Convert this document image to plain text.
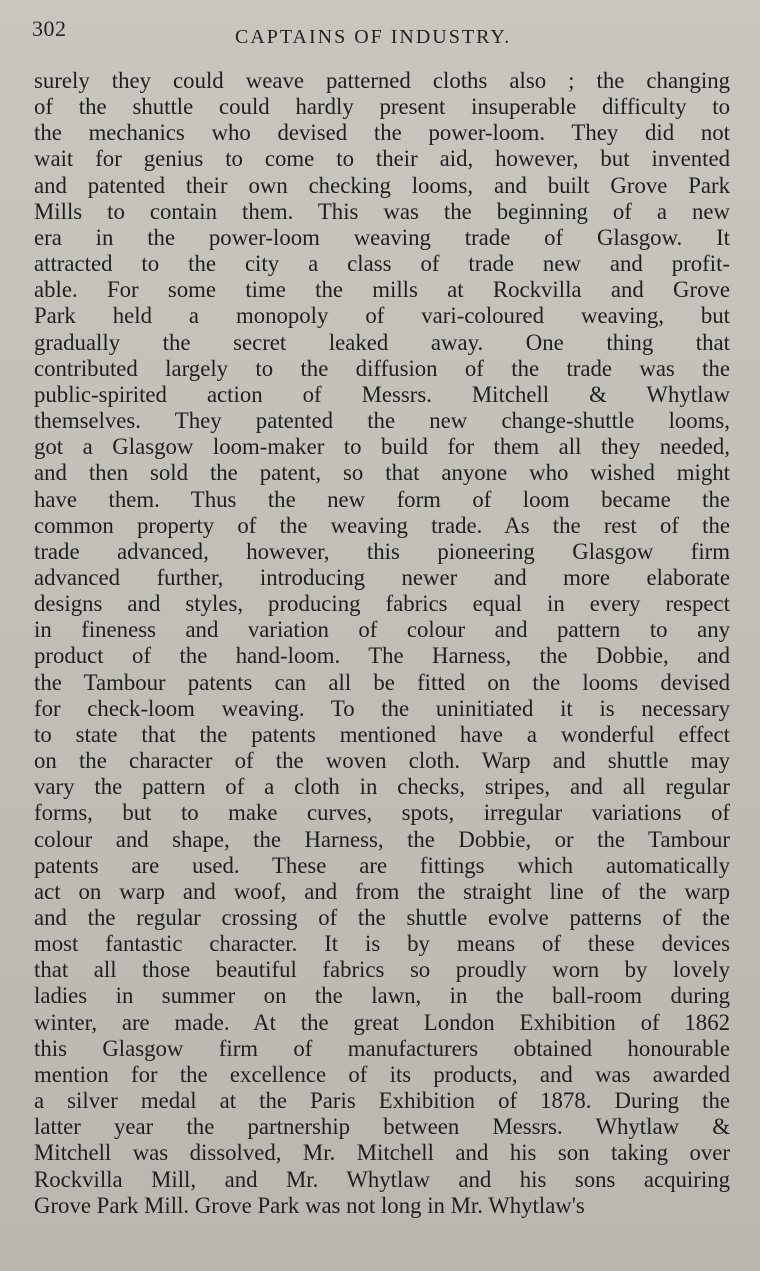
302	CAPTAINS OF INDUSTRY.
surely they could weave patterned cloths also ; the changing
of the shuttle could hardly present insuperable difficulty to
the mechanics who devised the power-loom. They did not
wait for genius to come to their aid, however, but invented
and patented their own checking looms, and built Grove Park
Mills to contain them. This was the beginning of a new
era in the power-loom weaving trade of Glasgow. It
attracted to the city a class of trade new and profit-
able. For some time the mills at Rockvilla and Grove
Park held a monopoly of vari-coloured weaving, but
gradually the secret leaked away. One thing that
contributed largely to the diffusion of the trade was the
public-spirited action of Messrs. Mitchell & Whytlaw
themselves. They patented the new change-shuttle looms,
got a Glasgow loom-maker to build for them all they needed,
and then sold the patent, so that anyone who wished might
have them. Thus the new form of loom became the
common property of the weaving trade. As the rest of the
trade advanced, however, this pioneering Glasgow firm
advanced further, introducing newer and more elaborate
designs and styles, producing fabrics equal in every respect
in fineness and variation of colour and pattern to any
product of the hand-loom. The Harness, the Dobbie, and
the Tambour patents can all be fitted on the looms devised
for check-loom weaving. To the uninitiated it is necessary
to state that the patents mentioned have a wonderful effect
on the character of the woven cloth. Warp and shuttle may
vary the pattern of a cloth in checks, stripes, and all regular
forms, but to make curves, spots, irregular variations of
colour and shape, the Harness, the Dobbie, or the Tambour
patents are used. These are fittings which automatically
act on warp and woof, and from the straight line of the warp
and the regular crossing of the shuttle evolve patterns of the
most fantastic character. It is by means of these devices
that all those beautiful fabrics so proudly worn by lovely
ladies in summer on the lawn, in the ball-room during
winter, are made. At the great London Exhibition of 1862
this Glasgow firm of manufacturers obtained honourable
mention for the excellence of its products, and was awarded
a silver medal at the Paris Exhibition of 1878. During the
latter year the partnership between Messrs. Whytlaw &
Mitchell was dissolved, Mr. Mitchell and his son taking over
Rockvilla Mill, and Mr. Whytlaw and his sons acquiring
Grove Park Mill. Grove Park was not long in Mr. Whytlaw's
